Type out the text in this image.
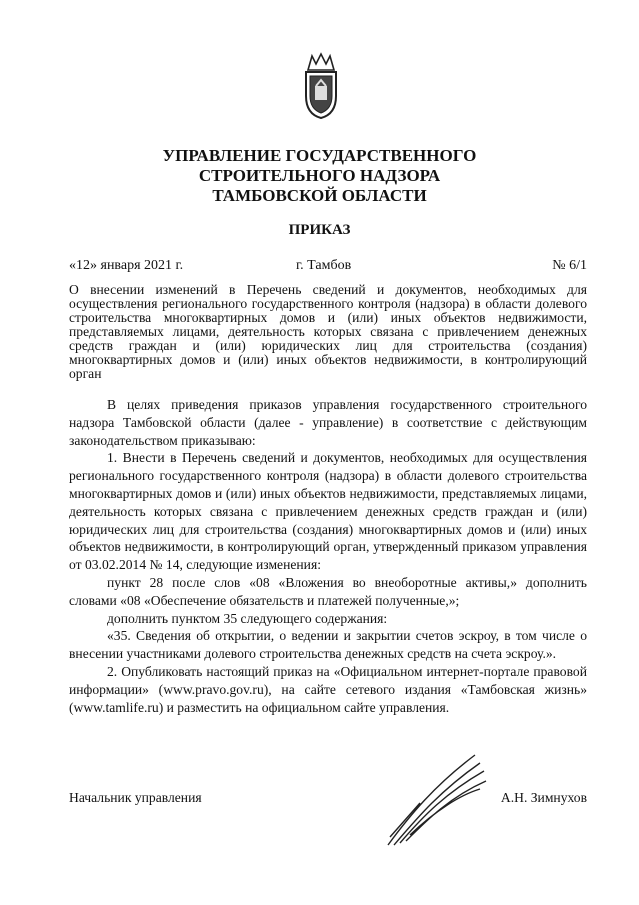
УПРАВЛЕНИЕ ГОСУДАРСТВЕННОГО
СТРОИТЕЛЬНОГО НАДЗОРА
ТАМБОВСКОЙ ОБЛАСТИ
ПРИКАЗ
«12» января 2021 г.	г. Тамбов	№ 6/1
О внесении изменений в Перечень сведений и документов, необходимых для осуществления регионального государственного контроля (надзора) в области долевого строительства многоквартирных домов и (или) иных объектов недвижимости, представляемых лицами, деятельность которых связана с привлечением денежных средств граждан и (или) юридических лиц для строительства (создания) многоквартирных домов и (или) иных объектов недвижимости, в контролирующий орган

В целях приведения приказов управления государственного строительного надзора Тамбовской области (далее - управление) в соответствие с действующим законодательством приказываю:

1. Внести в Перечень сведений и документов, необходимых для осуществления регионального государственного контроля (надзора) в области долевого строительства многоквартирных домов и (или) иных объектов недвижимости, представляемых лицами, деятельность которых связана с привлечением денежных средств граждан и (или) юридических лиц для строительства (создания) многоквартирных домов и (или) иных объектов недвижимости, в контролирующий орган, утвержденный приказом управления от 03.02.2014 № 14, следующие изменения:

пункт 28 после слов «08 «Вложения во внеоборотные активы,» дополнить словами «08 «Обеспечение обязательств и платежей полученные,»;

дополнить пунктом 35 следующего содержания:

«35. Сведения об открытии, о ведении и закрытии счетов эскроу, в том числе о внесении участниками долевого строительства денежных средств на счета эскроу.».

2. Опубликовать настоящий приказ на «Официальном интернет-портале правовой информации» (www.pravo.gov.ru), на сайте сетевого издания «Тамбовская жизнь» (www.tamlife.ru) и разместить на официальном сайте управления.

Начальник управления	А.Н. Зимнухов
